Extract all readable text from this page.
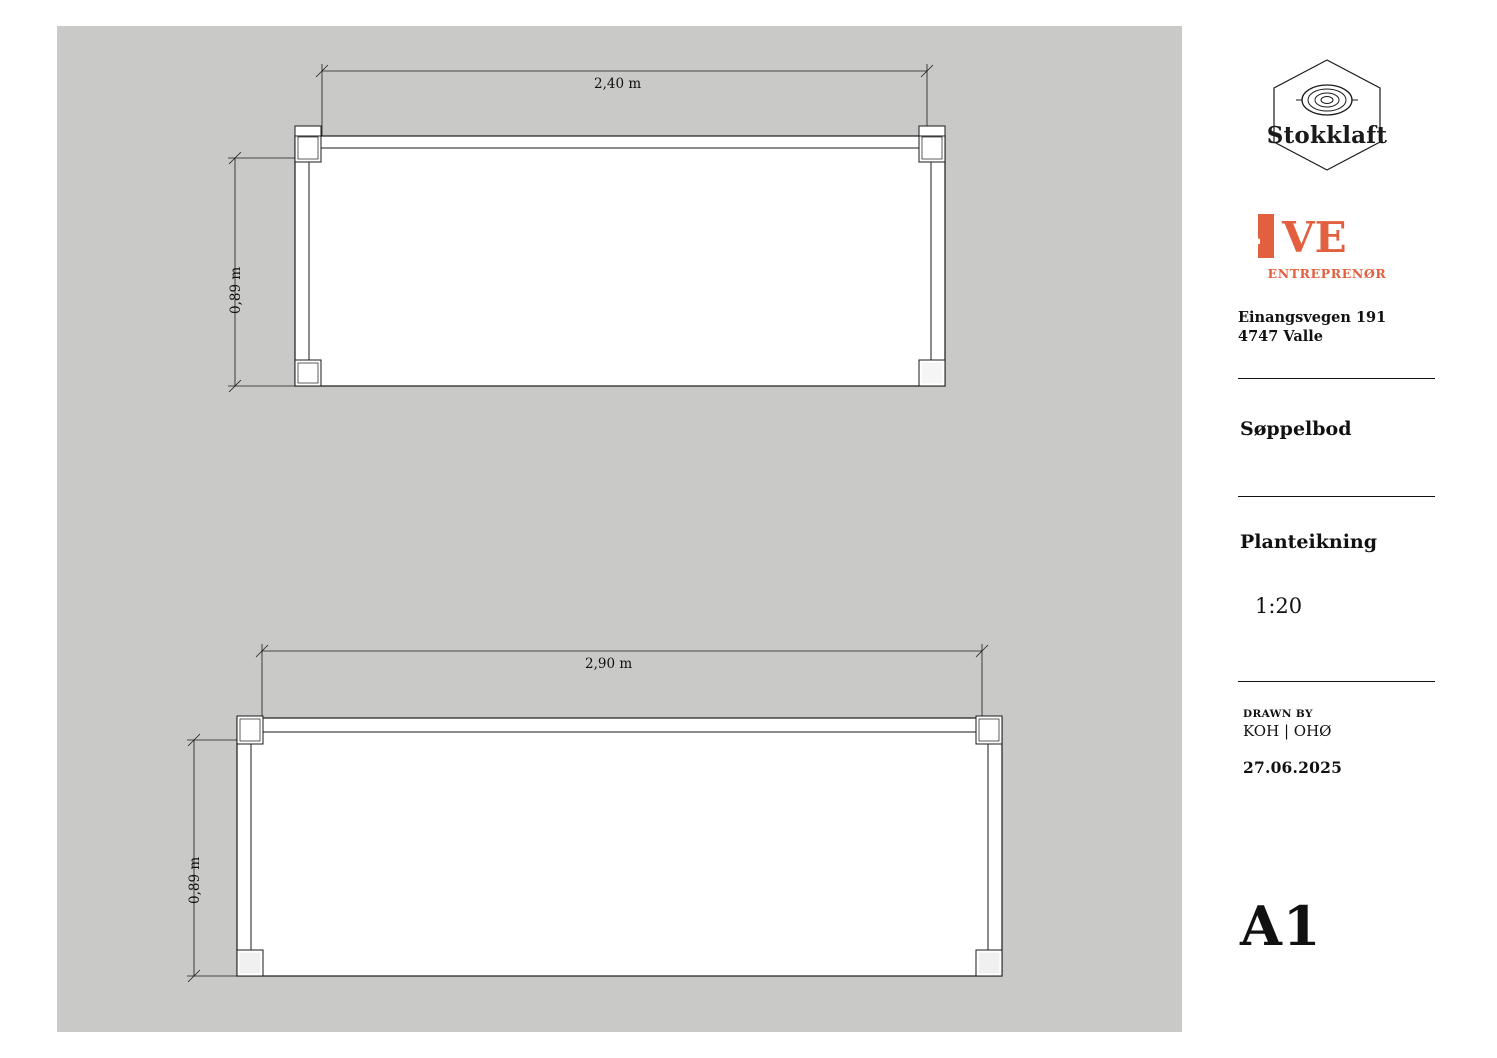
2,40 m
0,89 m
2,90 m
0,89 m
Stokklaft
VE
ENTREPRENØR
Einangsvegen 191
4747 Valle
Søppelbod
Planteikning
1:20
DRAWN BY
KOH | OHØ
27.06.2025
A1
